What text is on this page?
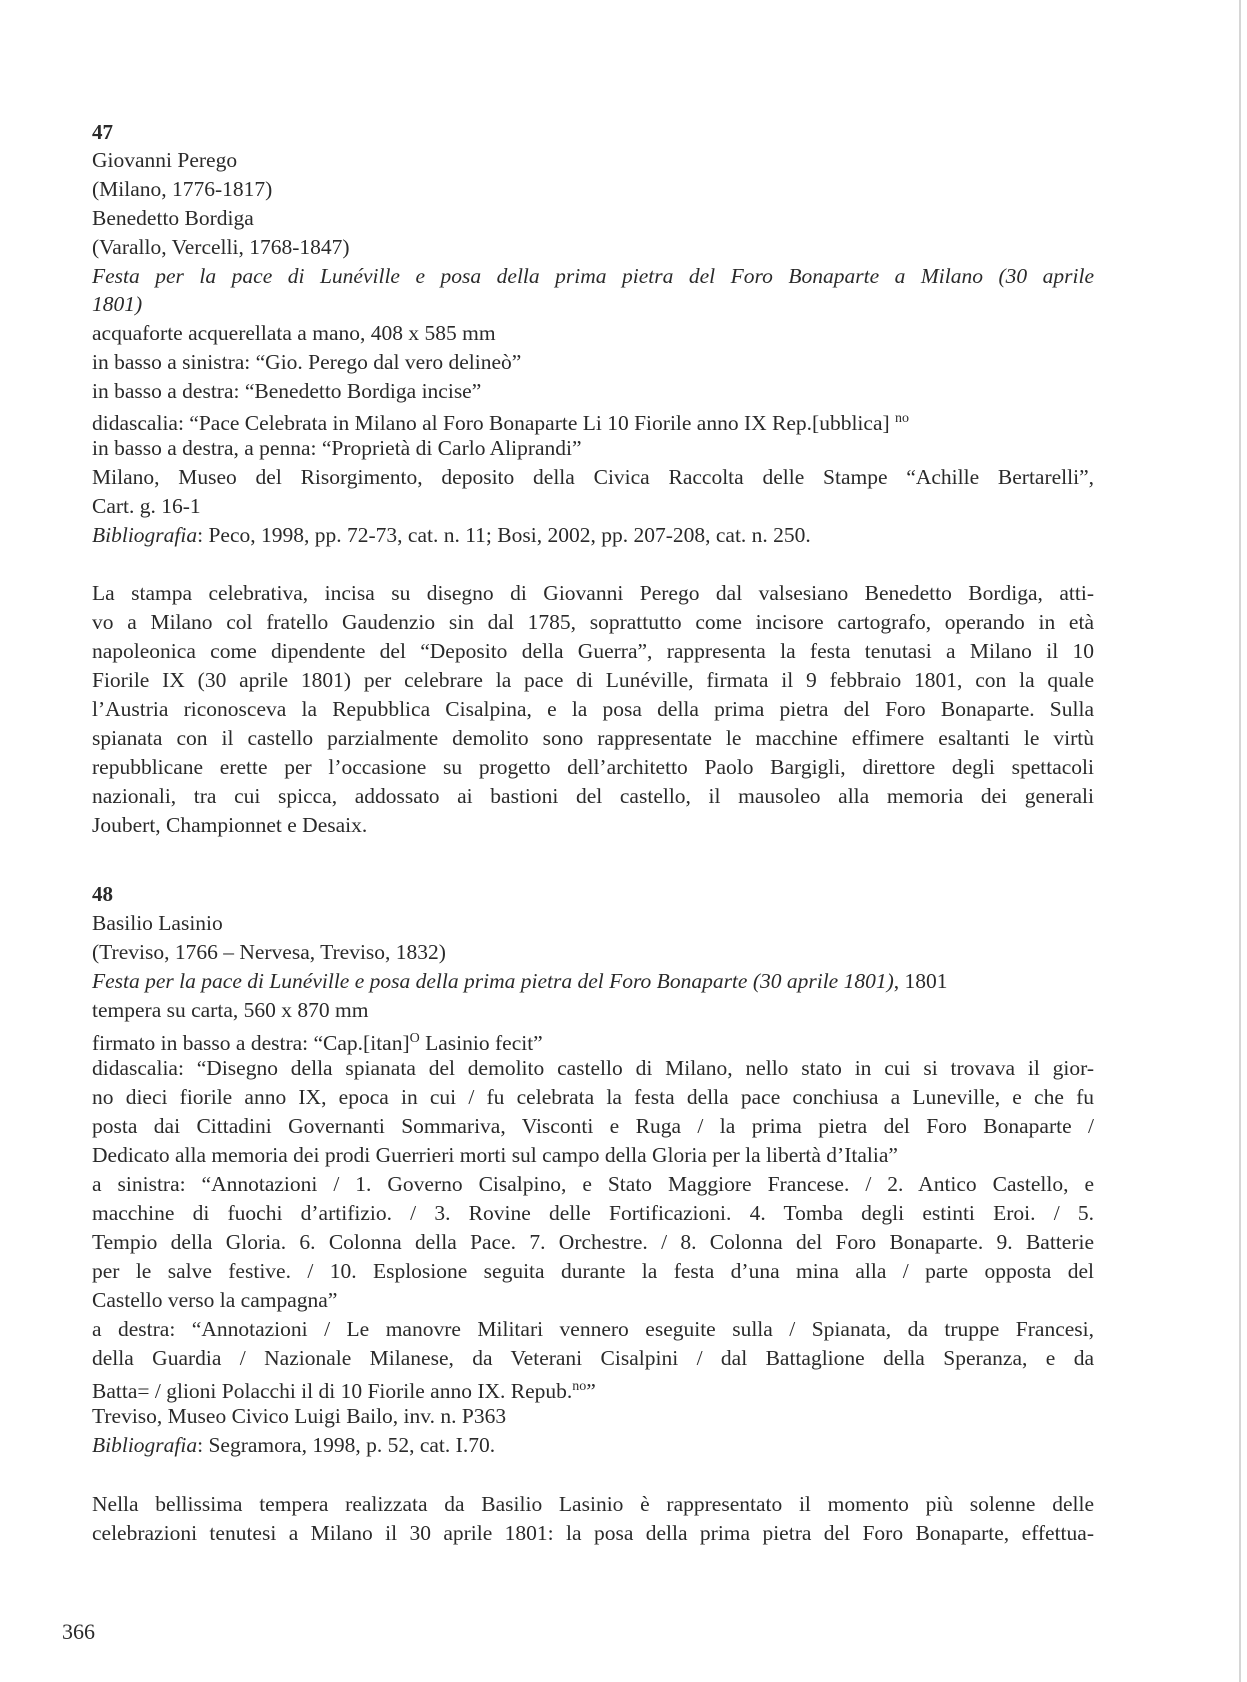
47
Giovanni Perego
(Milano, 1776-1817)
Benedetto Bordiga
(Varallo, Vercelli, 1768-1847)
Festa per la pace di Lunéville e posa della prima pietra del Foro Bonaparte a Milano (30 aprile
1801)
acquaforte acquerellata a mano, 408 x 585 mm
in basso a sinistra: “Gio. Perego dal vero delineò”
in basso a destra: “Benedetto Bordiga incise”
didascalia: “Pace Celebrata in Milano al Foro Bonaparte Li 10 Fiorile anno IX Rep.[ubblica] $^{no}$
in basso a destra, a penna: “Proprietà di Carlo Aliprandi”
Milano, Museo del Risorgimento, deposito della Civica Raccolta delle Stampe “Achille Bertarelli”,
Cart. g. 16-1
Bibliografia: Peco, 1998, pp. 72-73, cat. n. 11; Bosi, 2002, pp. 207-208, cat. n. 250.
La stampa celebrativa, incisa su disegno di Giovanni Perego dal valsesiano Benedetto Bordiga, atti-
vo a Milano col fratello Gaudenzio sin dal 1785, soprattutto come incisore cartografo, operando in età
napoleonica come dipendente del “Deposito della Guerra”, rappresenta la festa tenutasi a Milano il 10
Fiorile IX (30 aprile 1801) per celebrare la pace di Lunéville, firmata il 9 febbraio 1801, con la quale
l’Austria riconosceva la Repubblica Cisalpina, e la posa della prima pietra del Foro Bonaparte. Sulla
spianata con il castello parzialmente demolito sono rappresentate le macchine effimere esaltanti le virtù
repubblicane erette per l’occasione su progetto dell’architetto Paolo Bargigli, direttore degli spettacoli
nazionali, tra cui spicca, addossato ai bastioni del castello, il mausoleo alla memoria dei generali
Joubert, Championnet e Desaix.
48
Basilio Lasinio
(Treviso, 1766 – Nervesa, Treviso, 1832)
Festa per la pace di Lunéville e posa della prima pietra del Foro Bonaparte (30 aprile 1801), 1801
tempera su carta, 560 x 870 mm
firmato in basso a destra: “$Cap.[itan]^O$ Lasinio fecit”
didascalia: “Disegno della spianata del demolito castello di Milano, nello stato in cui si trovava il gior-
no dieci fiorile anno IX, epoca in cui / fu celebrata la festa della pace conchiusa a Luneville, e che fu
posta dai Cittadini Governanti Sommariva, Visconti e Ruga / la prima pietra del Foro Bonaparte /
Dedicato alla memoria dei prodi Guerrieri morti sul campo della Gloria per la libertà d’Italia”
a sinistra: “Annotazioni / 1. Governo Cisalpino, e Stato Maggiore Francese. / 2. Antico Castello, e
macchine di fuochi d’artifizio. / 3. Rovine delle Fortificazioni. 4. Tomba degli estinti Eroi. / 5.
Tempio della Gloria. 6. Colonna della Pace. 7. Orchestre. / 8. Colonna del Foro Bonaparte. 9. Batterie
per le salve festive. / 10. Esplosione seguita durante la festa d’una mina alla / parte opposta del
Castello verso la campagna”
a destra: “Annotazioni / Le manovre Militari vennero eseguite sulla / Spianata, da truppe Francesi,
della Guardia / Nazionale Milanese, da Veterani Cisalpini / dal Battaglione della Speranza, e da
Batta= / glioni Polacchi il di 10 Fiorile anno IX. Repub.$^{no}$”
Treviso, Museo Civico Luigi Bailo, inv. n. P363
Bibliografia: Segramora, 1998, p. 52, cat. I.70.
Nella bellissima tempera realizzata da Basilio Lasinio è rappresentato il momento più solenne delle
celebrazioni tenutesi a Milano il 30 aprile 1801: la posa della prima pietra del Foro Bonaparte, effettua-
366
